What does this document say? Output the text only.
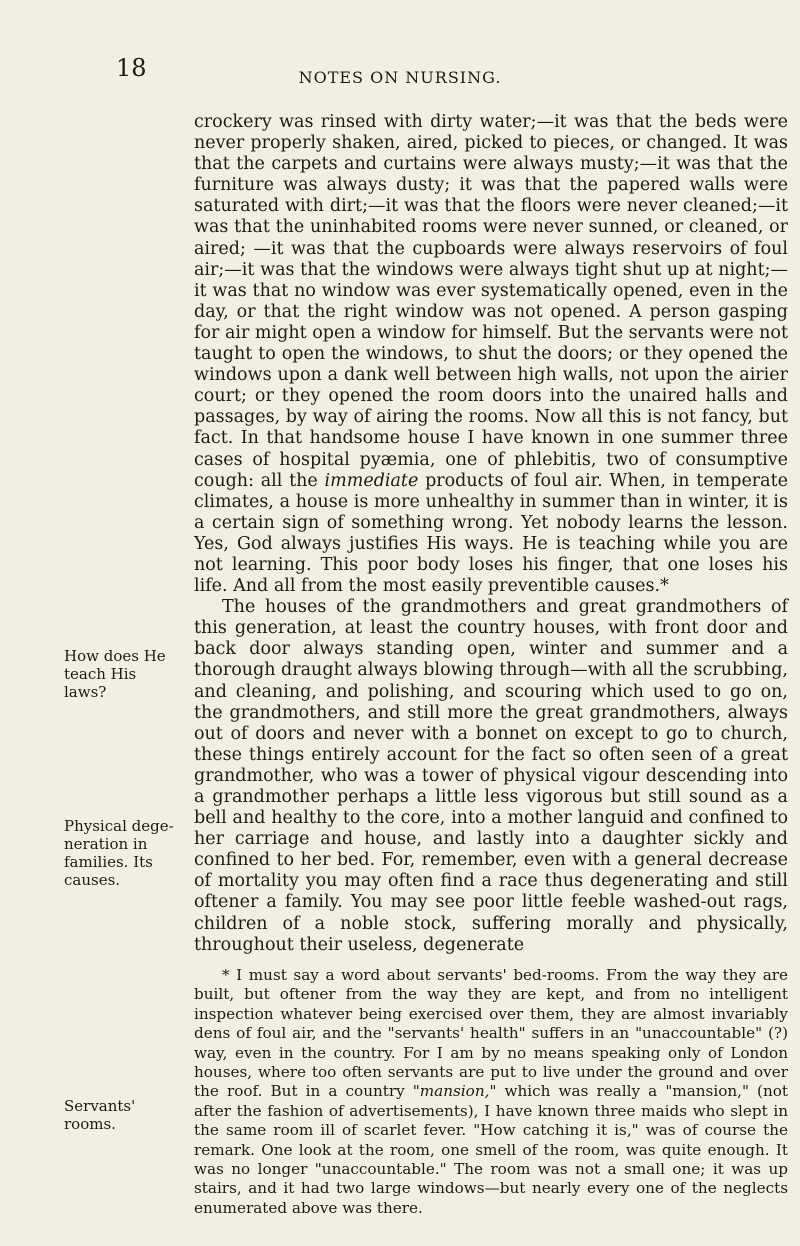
18	NOTES ON NURSING.
How does He
teach His
laws?
Physical dege-
neration in
families. Its
causes.
Servants'
rooms.

crockery was rinsed with dirty water;—it was that the beds were never properly shaken, aired, picked to pieces, or changed. It was that the carpets and curtains were always musty;—it was that the furniture was always dusty; it was that the papered walls were saturated with dirt;—it was that the floors were never cleaned;—it was that the uninhabited rooms were never sunned, or cleaned, or aired; —it was that the cupboards were always reservoirs of foul air;—it was that the windows were always tight shut up at night;—it was that no window was ever systematically opened, even in the day, or that the right window was not opened. A person gasping for air might open a window for himself. But the servants were not taught to open the windows, to shut the doors; or they opened the windows upon a dank well between high walls, not upon the airier court; or they opened the room doors into the unaired halls and passages, by way of airing the rooms. Now all this is not fancy, but fact. In that handsome house I have known in one summer three cases of hospital pyæmia, one of phlebitis, two of consumptive cough: all the immediate products of foul air. When, in temperate climates, a house is more unhealthy in summer than in winter, it is a certain sign of something wrong. Yet nobody learns the lesson. Yes, God always justifies His ways. He is teaching while you are not learning. This poor body loses his finger, that one loses his life. And all from the most easily preventible causes.*

The houses of the grandmothers and great grandmothers of this generation, at least the country houses, with front door and back door always standing open, winter and summer and a thorough draught always blowing through—with all the scrubbing, and cleaning, and polishing, and scouring which used to go on, the grandmothers, and still more the great grandmothers, always out of doors and never with a bonnet on except to go to church, these things entirely account for the fact so often seen of a great grandmother, who was a tower of physical vigour descending into a grandmother perhaps a little less vigorous but still sound as a bell and healthy to the core, into a mother languid and confined to her carriage and house, and lastly into a daughter sickly and confined to her bed. For, remember, even with a general decrease of mortality you may often find a race thus degenerating and still oftener a family. You may see poor little feeble washed-out rags, children of a noble stock, suffering morally and physically, throughout their useless, degenerate

* I must say a word about servants' bed-rooms. From the way they are built, but oftener from the way they are kept, and from no intelligent inspection whatever being exercised over them, they are almost invariably dens of foul air, and the "servants' health" suffers in an "unaccountable" (?) way, even in the country. For I am by no means speaking only of London houses, where too often servants are put to live under the ground and over the roof. But in a country "mansion," which was really a "mansion," (not after the fashion of advertisements), I have known three maids who slept in the same room ill of scarlet fever. "How catching it is," was of course the remark. One look at the room, one smell of the room, was quite enough. It was no longer "unaccountable." The room was not a small one; it was up stairs, and it had two large windows—but nearly every one of the neglects enumerated above was there.
